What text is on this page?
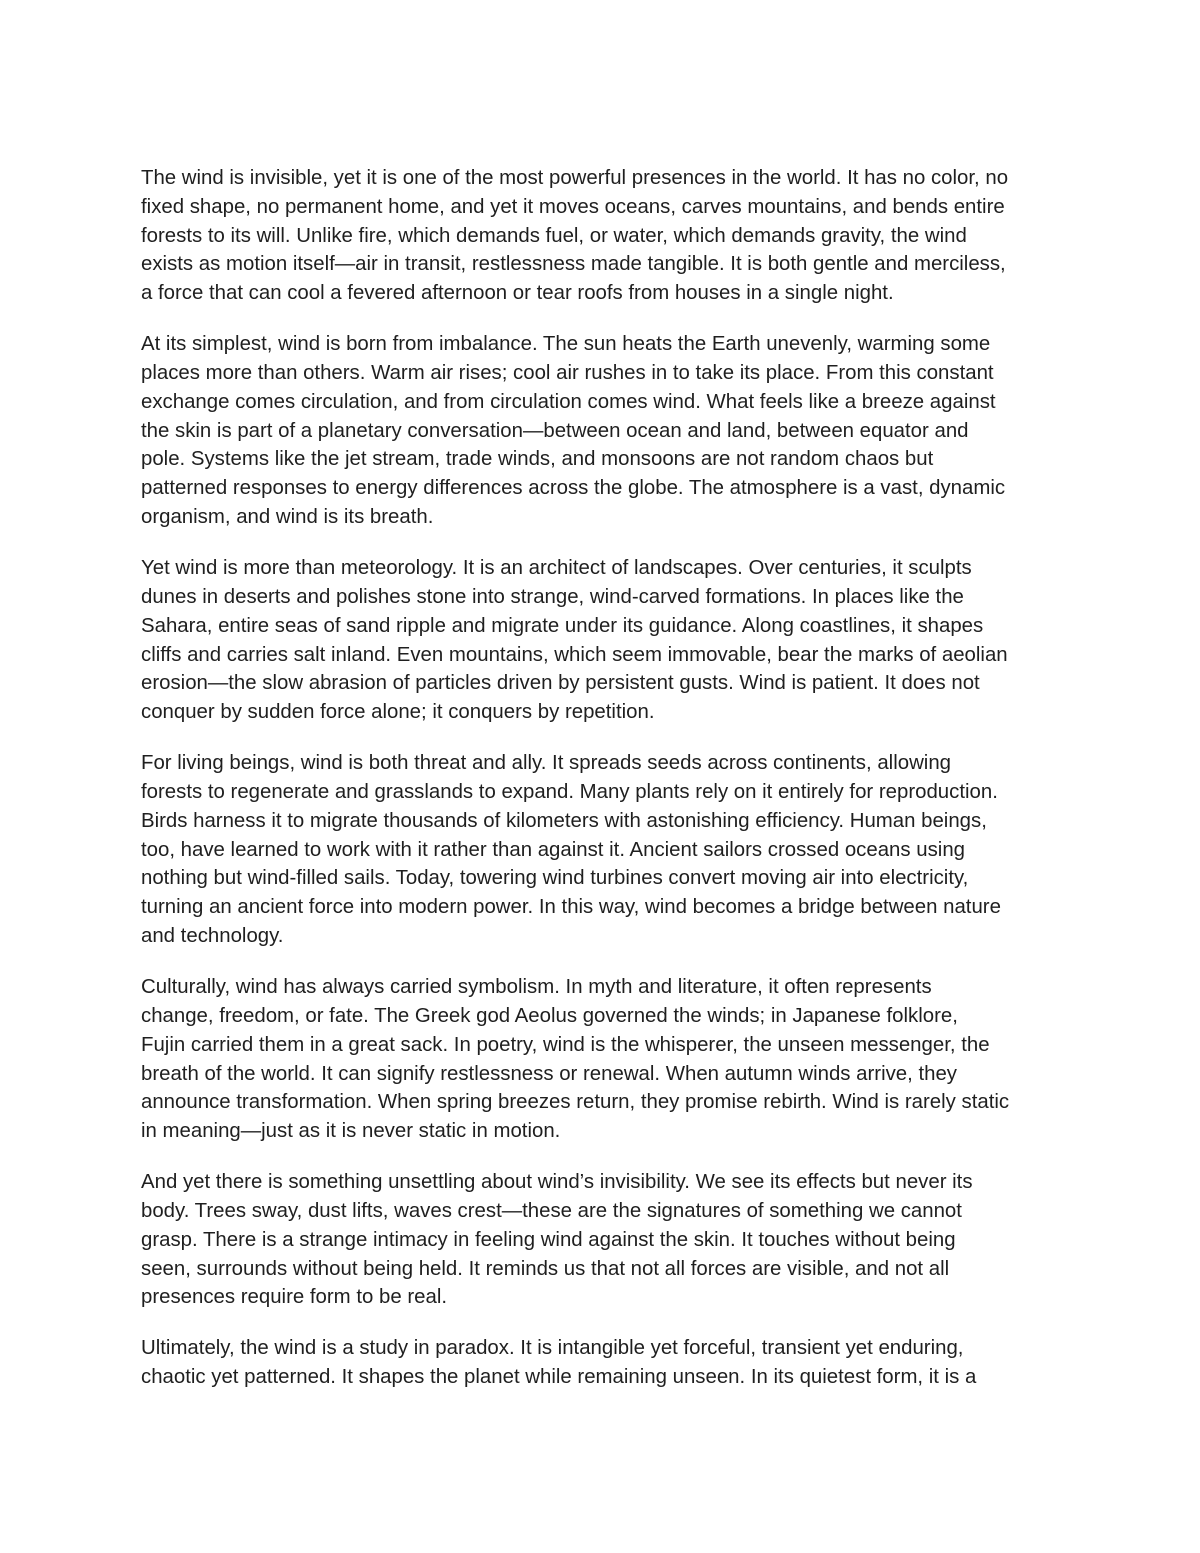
The wind is invisible, yet it is one of the most powerful presences in the world. It has no color, no
fixed shape, no permanent home, and yet it moves oceans, carves mountains, and bends entire
forests to its will. Unlike fire, which demands fuel, or water, which demands gravity, the wind
exists as motion itself—air in transit, restlessness made tangible. It is both gentle and merciless,
a force that can cool a fevered afternoon or tear roofs from houses in a single night.

At its simplest, wind is born from imbalance. The sun heats the Earth unevenly, warming some
places more than others. Warm air rises; cool air rushes in to take its place. From this constant
exchange comes circulation, and from circulation comes wind. What feels like a breeze against
the skin is part of a planetary conversation—between ocean and land, between equator and
pole. Systems like the jet stream, trade winds, and monsoons are not random chaos but
patterned responses to energy differences across the globe. The atmosphere is a vast, dynamic
organism, and wind is its breath.

Yet wind is more than meteorology. It is an architect of landscapes. Over centuries, it sculpts
dunes in deserts and polishes stone into strange, wind-carved formations. In places like the
Sahara, entire seas of sand ripple and migrate under its guidance. Along coastlines, it shapes
cliffs and carries salt inland. Even mountains, which seem immovable, bear the marks of aeolian
erosion—the slow abrasion of particles driven by persistent gusts. Wind is patient. It does not
conquer by sudden force alone; it conquers by repetition.

For living beings, wind is both threat and ally. It spreads seeds across continents, allowing
forests to regenerate and grasslands to expand. Many plants rely on it entirely for reproduction.
Birds harness it to migrate thousands of kilometers with astonishing efficiency. Human beings,
too, have learned to work with it rather than against it. Ancient sailors crossed oceans using
nothing but wind-filled sails. Today, towering wind turbines convert moving air into electricity,
turning an ancient force into modern power. In this way, wind becomes a bridge between nature
and technology.

Culturally, wind has always carried symbolism. In myth and literature, it often represents
change, freedom, or fate. The Greek god Aeolus governed the winds; in Japanese folklore,
Fujin carried them in a great sack. In poetry, wind is the whisperer, the unseen messenger, the
breath of the world. It can signify restlessness or renewal. When autumn winds arrive, they
announce transformation. When spring breezes return, they promise rebirth. Wind is rarely static
in meaning—just as it is never static in motion.

And yet there is something unsettling about wind’s invisibility. We see its effects but never its
body. Trees sway, dust lifts, waves crest—these are the signatures of something we cannot
grasp. There is a strange intimacy in feeling wind against the skin. It touches without being
seen, surrounds without being held. It reminds us that not all forces are visible, and not all
presences require form to be real.

Ultimately, the wind is a study in paradox. It is intangible yet forceful, transient yet enduring,
chaotic yet patterned. It shapes the planet while remaining unseen. In its quietest form, it is a
